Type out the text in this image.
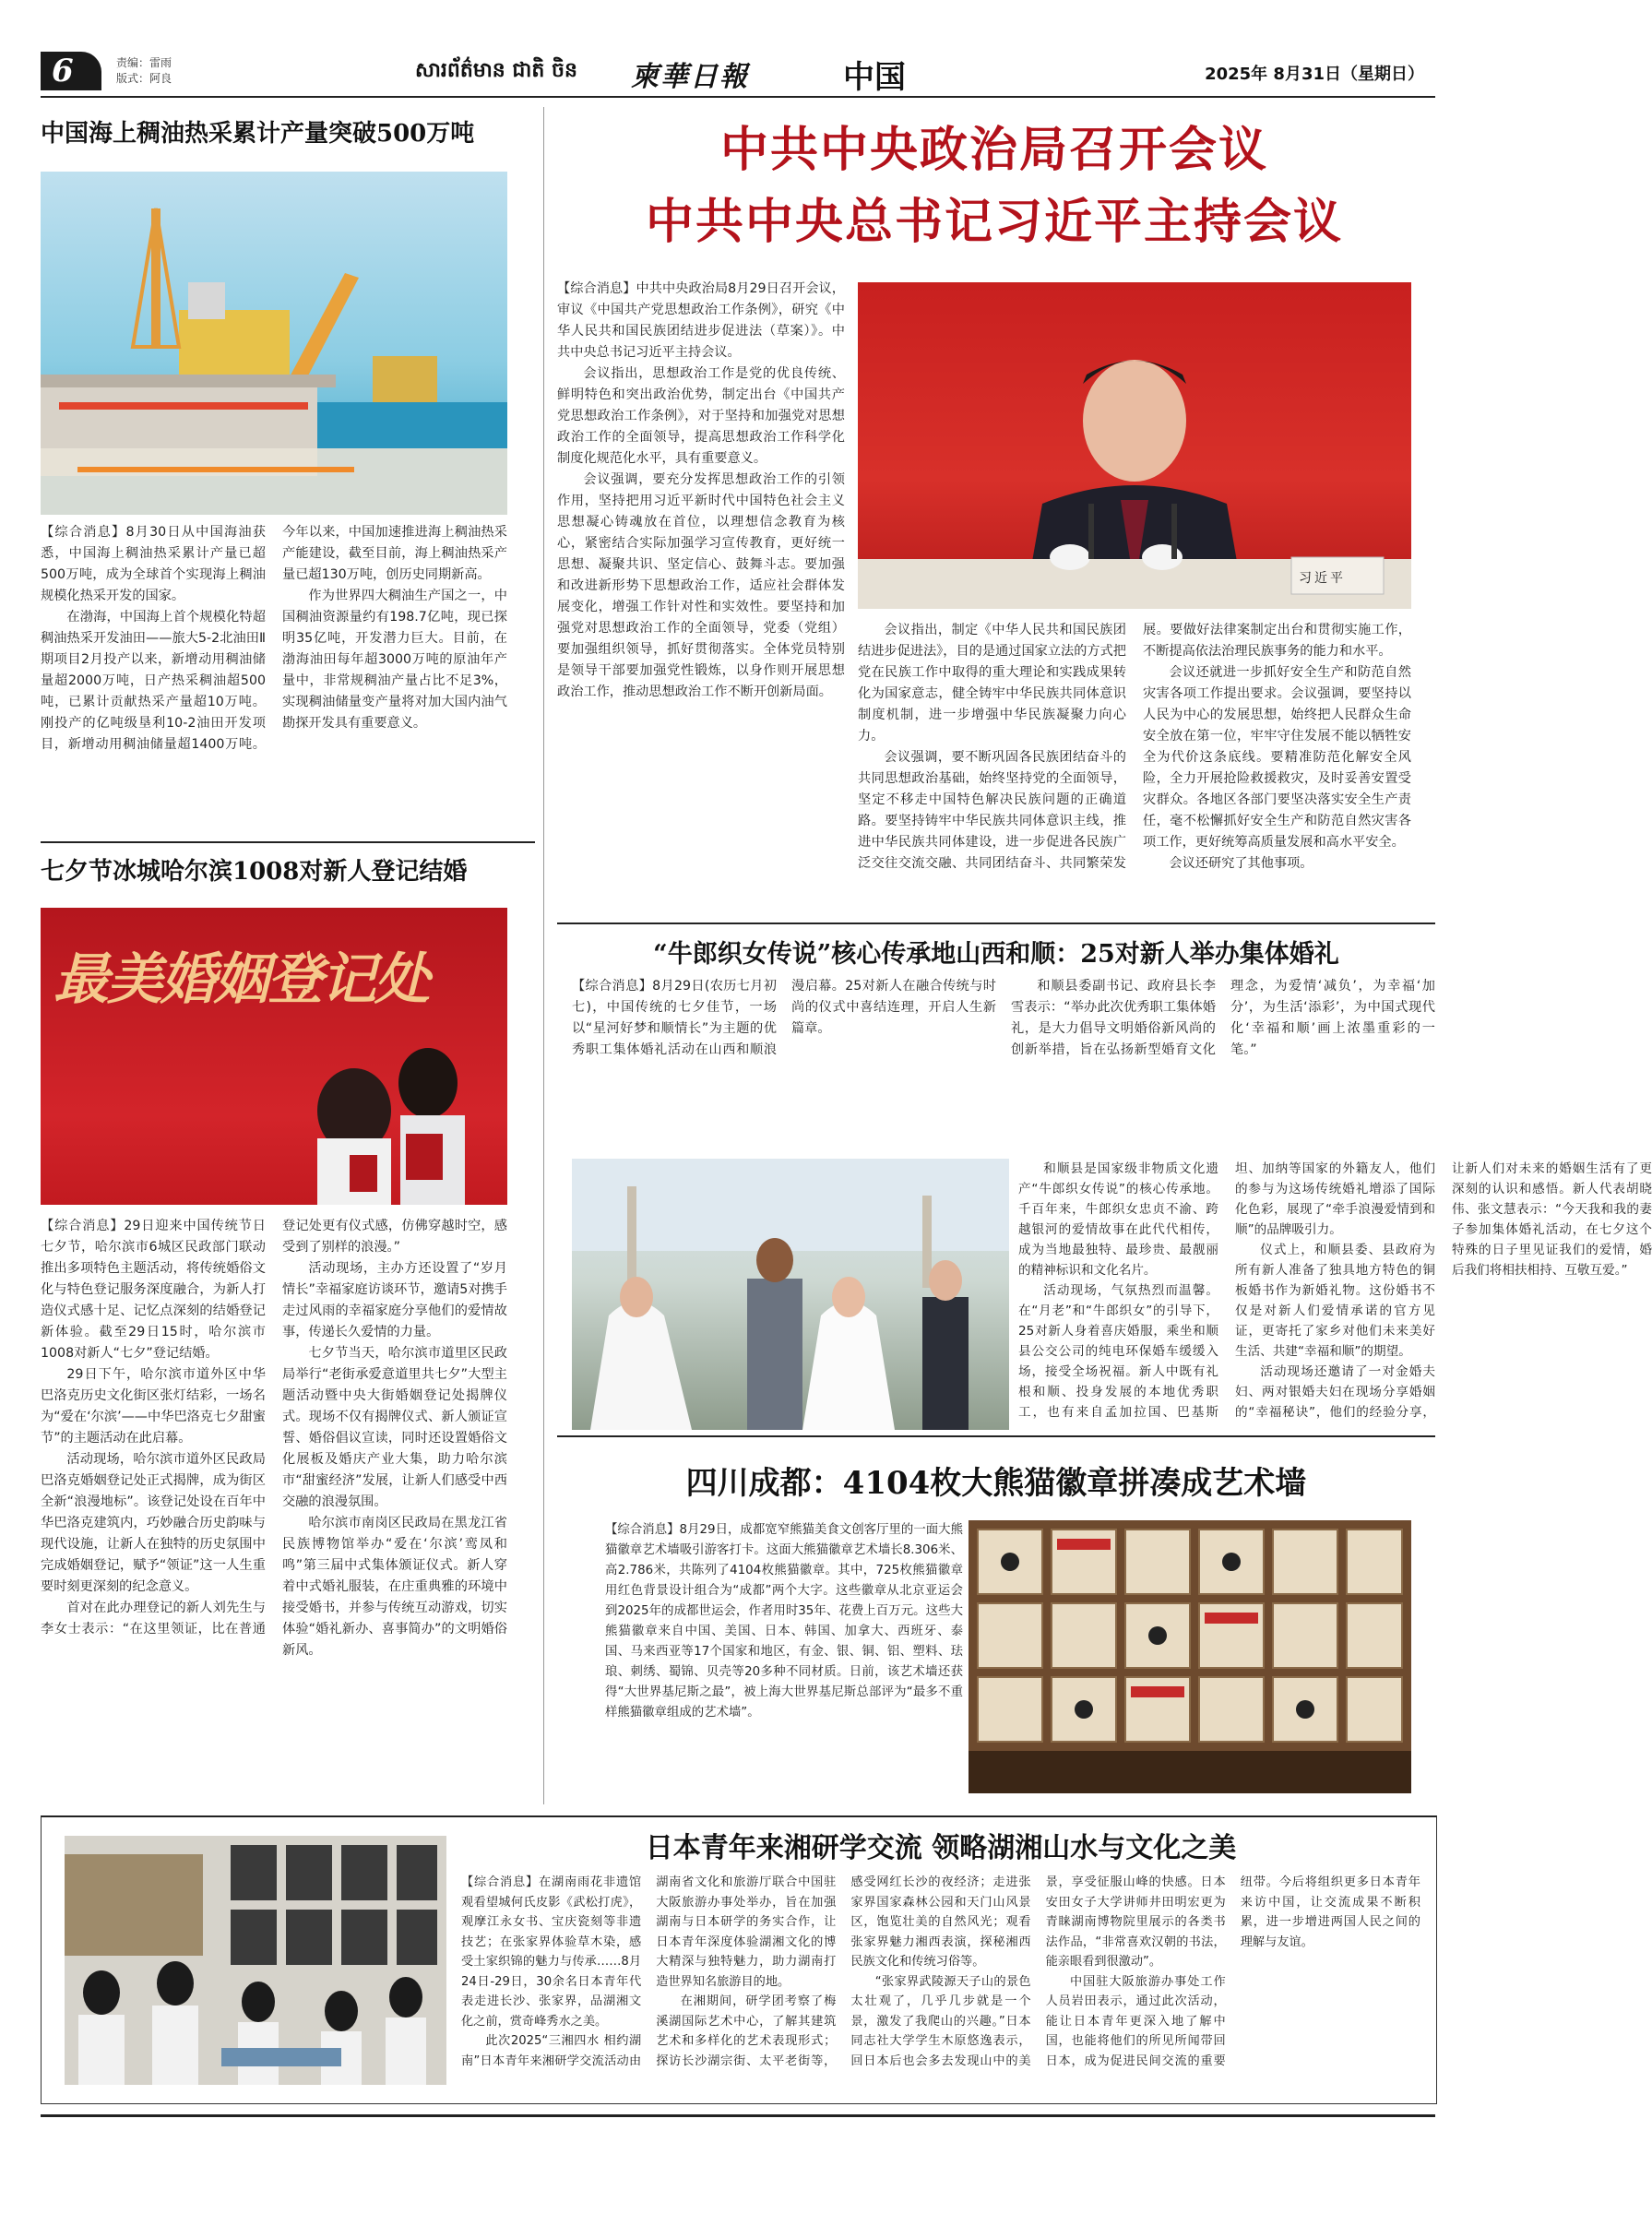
6	责编：雷雨
版式：阿良	សារព័ត៌មាន ជាតិ ចិន 柬華日報	中国	2025年 8月31日（星期日）
中国海上稠油热采累计产量突破500万吨

【综合消息】8月30日从中国海油获悉，中国海上稠油热采累计产量已超500万吨，成为全球首个实现海上稠油规模化热采开发的国家。

在渤海，中国海上首个规模化特超稠油热采开发油田——旅大5-2北油田Ⅱ期项目2月投产以来，新增动用稠油储量超2000万吨，日产热采稠油超500吨，已累计贡献热采产量超10万吨。刚投产的亿吨级垦利10-2油田开发项目，新增动用稠油储量超1400万吨。今年以来，中国加速推进海上稠油热采产能建设，截至目前，海上稠油热采产量已超130万吨，创历史同期新高。

作为世界四大稠油生产国之一，中国稠油资源量约有198.7亿吨，现已探明35亿吨，开发潜力巨大。目前，在渤海油田每年超3000万吨的原油年产量中，非常规稠油产量占比不足3%，实现稠油储量变产量将对加大国内油气勘探开发具有重要意义。

七夕节冰城哈尔滨1008对新人登记结婚
最美婚姻登记处

【综合消息】29日迎来中国传统节日七夕节，哈尔滨市6城区民政部门联动推出多项特色主题活动，将传统婚俗文化与特色登记服务深度融合，为新人打造仪式感十足、记忆点深刻的结婚登记新体验。截至29日15时，哈尔滨市1008对新人“七夕”登记结婚。

29日下午，哈尔滨市道外区中华巴洛克历史文化街区张灯结彩，一场名为“爱在‘尔滨’——中华巴洛克七夕甜蜜节”的主题活动在此启幕。

活动现场，哈尔滨市道外区民政局巴洛克婚姻登记处正式揭牌，成为街区全新“浪漫地标”。该登记处设在百年中华巴洛克建筑内，巧妙融合历史韵味与现代设施，让新人在独特的历史氛围中完成婚姻登记，赋予“领证”这一人生重要时刻更深刻的纪念意义。

首对在此办理登记的新人刘先生与李女士表示：“在这里领证，比在普通登记处更有仪式感，仿佛穿越时空，感受到了别样的浪漫。”

活动现场，主办方还设置了“岁月情长”幸福家庭访谈环节，邀请5对携手走过风雨的幸福家庭分享他们的爱情故事，传递长久爱情的力量。

七夕节当天，哈尔滨市道里区民政局举行“老街承爱意道里共七夕”大型主题活动暨中央大街婚姻登记处揭牌仪式。现场不仅有揭牌仪式、新人颁证宣誓、婚俗倡议宣读，同时还设置婚俗文化展板及婚庆产业大集，助力哈尔滨市“甜蜜经济”发展，让新人们感受中西交融的浪漫氛围。

哈尔滨市南岗区民政局在黑龙江省民族博物馆举办“爱在‘尔滨’鸾凤和鸣”第三届中式集体颁证仪式。新人穿着中式婚礼服装，在庄重典雅的环境中接受婚书，并参与传统互动游戏，切实体验“婚礼新办、喜事简办”的文明婚俗新风。

中共中央政治局召开会议
中共中央总书记习近平主持会议
习近平

【综合消息】中共中央政治局8月29日召开会议，审议《中国共产党思想政治工作条例》，研究《中华人民共和国民族团结进步促进法（草案）》。中共中央总书记习近平主持会议。

会议指出，思想政治工作是党的优良传统、鲜明特色和突出政治优势，制定出台《中国共产党思想政治工作条例》，对于坚持和加强党对思想政治工作的全面领导，提高思想政治工作科学化制度化规范化水平，具有重要意义。

会议强调，要充分发挥思想政治工作的引领作用，坚持把用习近平新时代中国特色社会主义思想凝心铸魂放在首位，以理想信念教育为核心，紧密结合实际加强学习宣传教育，更好统一思想、凝聚共识、坚定信心、鼓舞斗志。要加强和改进新形势下思想政治工作，适应社会群体发展变化，增强工作针对性和实效性。要坚持和加强党对思想政治工作的全面领导，党委（党组）要加强组织领导，抓好贯彻落实。全体党员特别是领导干部要加强党性锻炼，以身作则开展思想政治工作，推动思想政治工作不断开创新局面。

会议指出，制定《中华人民共和国民族团结进步促进法》，目的是通过国家立法的方式把党在民族工作中取得的重大理论和实践成果转化为国家意志，健全铸牢中华民族共同体意识制度机制，进一步增强中华民族凝聚力向心力。

会议强调，要不断巩固各民族团结奋斗的共同思想政治基础，始终坚持党的全面领导，坚定不移走中国特色解决民族问题的正确道路。要坚持铸牢中华民族共同体意识主线，推进中华民族共同体建设，进一步促进各民族广泛交往交流交融、共同团结奋斗、共同繁荣发展。要做好法律案制定出台和贯彻实施工作，不断提高依法治理民族事务的能力和水平。

会议还就进一步抓好安全生产和防范自然灾害各项工作提出要求。会议强调，要坚持以人民为中心的发展思想，始终把人民群众生命安全放在第一位，牢牢守住发展不能以牺牲安全为代价这条底线。要精准防范化解安全风险，全力开展抢险救援救灾，及时妥善安置受灾群众。各地区各部门要坚决落实安全生产责任，毫不松懈抓好安全生产和防范自然灾害各项工作，更好统筹高质量发展和高水平安全。

会议还研究了其他事项。

“牛郎织女传说”核心传承地山西和顺：25对新人举办集体婚礼

【综合消息】8月29日(农历七月初七)，中国传统的七夕佳节，一场以“星河好梦和顺情长”为主题的优秀职工集体婚礼活动在山西和顺浪漫启幕。25对新人在融合传统与时尚的仪式中喜结连理，开启人生新篇章。

和顺县委副书记、政府县长李雪表示：“举办此次优秀职工集体婚礼，是大力倡导文明婚俗新风尚的创新举措，旨在弘扬新型婚育文化理念，为爱情‘减负’，为幸福‘加分’，为生活‘添彩’，为中国式现代化‘幸福和顺’画上浓墨重彩的一笔。”

和顺县是国家级非物质文化遗产“牛郎织女传说”的核心传承地。千百年来，牛郎织女忠贞不渝、跨越银河的爱情故事在此代代相传，成为当地最独特、最珍贵、最靓丽的精神标识和文化名片。

活动现场，气氛热烈而温馨。在“月老”和“牛郎织女”的引导下，25对新人身着喜庆婚服，乘坐和顺县公交公司的纯电环保婚车缓缓入场，接受全场祝福。新人中既有礼根和顺、投身发展的本地优秀职工，也有来自孟加拉国、巴基斯坦、加纳等国家的外籍友人，他们的参与为这场传统婚礼增添了国际化色彩，展现了“牵手浪漫爱情到和顺”的品牌吸引力。

仪式上，和顺县委、县政府为所有新人准备了独具地方特色的铜板婚书作为新婚礼物。这份婚书不仅是对新人们爱情承诺的官方见证，更寄托了家乡对他们未来美好生活、共建“幸福和顺”的期望。

活动现场还邀请了一对金婚夫妇、两对银婚夫妇在现场分享婚姻的“幸福秘诀”，他们的经验分享，让新人们对未来的婚姻生活有了更深刻的认识和感悟。新人代表胡晓伟、张文慧表示：“今天我和我的妻子参加集体婚礼活动，在七夕这个特殊的日子里见证我们的爱情，婚后我们将相扶相持、互敬互爱。”

四川成都：4104枚大熊猫徽章拼凑成艺术墙

【综合消息】8月29日，成都宽窄熊猫美食文创客厅里的一面大熊猫徽章艺术墙吸引游客打卡。这面大熊猫徽章艺术墙长8.306米、高2.786米，共陈列了4104枚熊猫徽章。其中，725枚熊猫徽章用红色背景设计组合为“成都”两个大字。这些徽章从北京亚运会到2025年的成都世运会，作者用时35年、花费上百万元。这些大熊猫徽章来自中国、美国、日本、韩国、加拿大、西班牙、泰国、马来西亚等17个国家和地区，有金、银、铜、铝、塑料、珐琅、刺绣、蜀锦、贝壳等20多种不同材质。日前，该艺术墙还获得“大世界基尼斯之最”，被上海大世界基尼斯总部评为“最多不重样熊猫徽章组成的艺术墙”。

日本青年来湘研学交流 领略湖湘山水与文化之美

【综合消息】在湖南雨花非遗馆观看望城何氏皮影《武松打虎》，观摩江永女书、宝庆瓷刻等非遗技艺；在张家界体验草木染，感受土家织锦的魅力与传承……8月24日-29日，30余名日本青年代表走进长沙、张家界，品湖湘文化之前，赏奇峰秀水之美。

此次2025“三湘四水 相约湖南”日本青年来湘研学交流活动由湖南省文化和旅游厅联合中国驻大阪旅游办事处举办，旨在加强湖南与日本研学的务实合作，让日本青年深度体验湖湘文化的博大精深与独特魅力，助力湖南打造世界知名旅游目的地。

在湘期间，研学团考察了梅溪湖国际艺术中心，了解其建筑艺术和多样化的艺术表现形式；探访长沙湖宗街、太平老街等，感受网红长沙的夜经济；走进张家界国家森林公园和天门山风景区，饱览壮美的自然风光；观看张家界魅力湘西表演，探秘湘西民族文化和传统习俗等。

“张家界武陵源天子山的景色太壮观了，几乎几步就是一个景，激发了我爬山的兴趣。”日本同志社大学学生木原悠逸表示，回日本后也会多去发现山中的美景，享受征服山峰的快感。日本安田女子大学讲师井田明宏更为青睐湖南博物院里展示的各类书法作品，“非常喜欢汉朝的书法，能亲眼看到很激动”。

中国驻大阪旅游办事处工作人员岩田表示，通过此次活动，能让日本青年更深入地了解中国，也能将他们的所见所闻带回日本，成为促进民间交流的重要纽带。今后将组织更多日本青年来访中国，让交流成果不断积累，进一步增进两国人民之间的理解与友谊。
